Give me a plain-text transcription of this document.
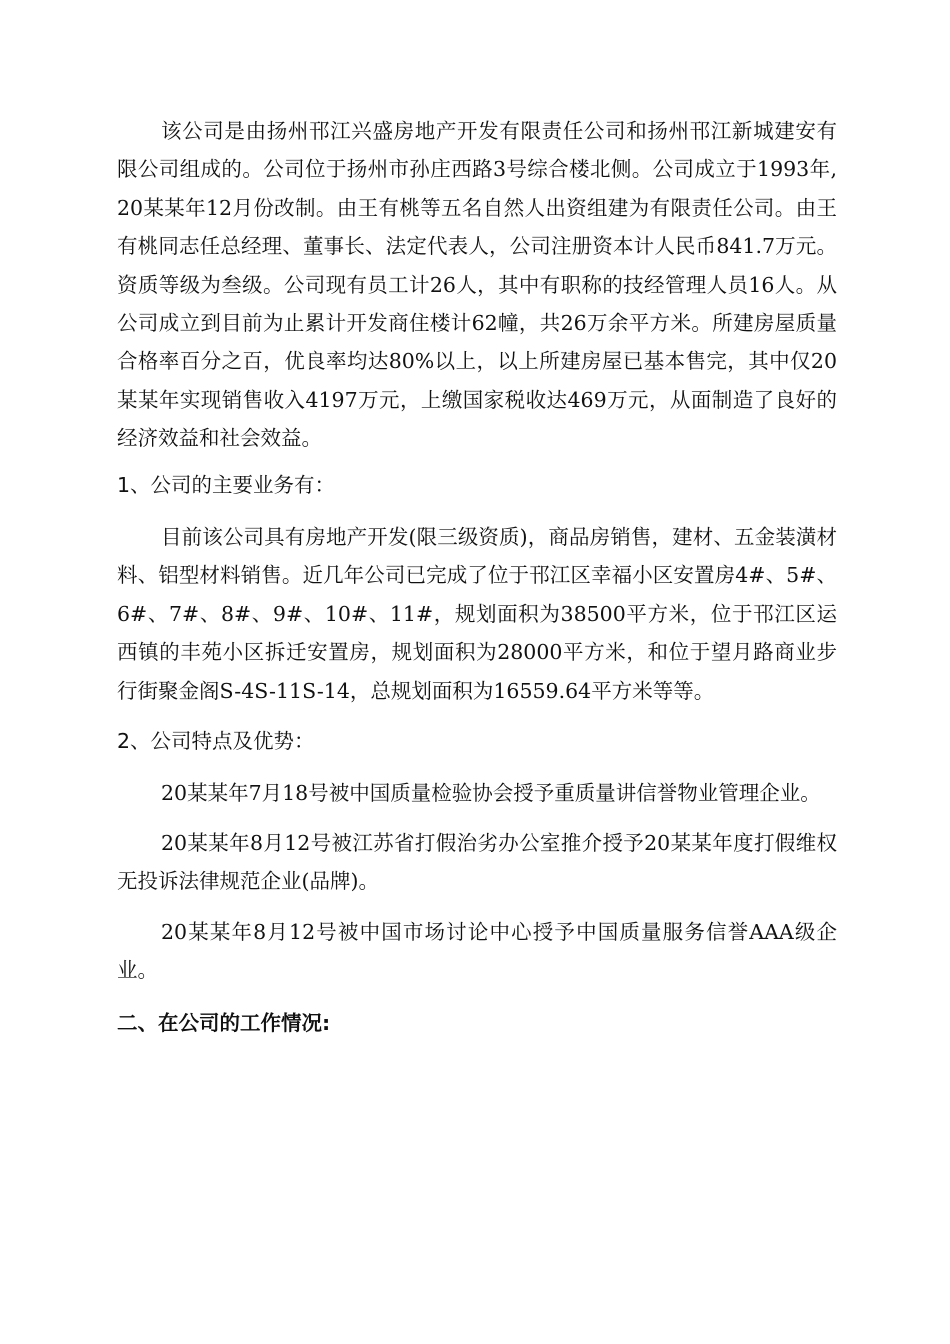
该公司是由扬州邗江兴盛房地产开发有限责任公司和扬州邗江新城建安有限公司组成的。公司位于扬州市孙庄西路3号综合楼北侧。公司成立于1993年,20某某年12月份改制。由王有桃等五名自然人出资组建为有限责任公司。由王有桃同志任总经理、董事长、法定代表人，公司注册资本计人民币841.7万元。资质等级为叁级。公司现有员工计26人，其中有职称的技经管理人员16人。从公司成立到目前为止累计开发商住楼计62幢，共26万余平方米。所建房屋质量合格率百分之百，优良率均达80%以上，以上所建房屋已基本售完，其中仅20某某年实现销售收入4197万元，上缴国家税收达469万元，从面制造了良好的经济效益和社会效益。

1、公司的主要业务有：

目前该公司具有房地产开发(限三级资质)，商品房销售，建材、五金装潢材料、铝型材料销售。近几年公司已完成了位于邗江区幸福小区安置房4#、5#、6#、7#、8#、9#、10#、11#，规划面积为38500平方米，位于邗江区运西镇的丰苑小区拆迁安置房，规划面积为28000平方米，和位于望月路商业步行街聚金阁S-4S-11S-14，总规划面积为16559.64平方米等等。

2、公司特点及优势：

20某某年7月18号被中国质量检验协会授予重质量讲信誉物业管理企业。

20某某年8月12号被江苏省打假治劣办公室推介授予20某某年度打假维权无投诉法律规范企业(品牌)。

20某某年8月12号被中国市场讨论中心授予中国质量服务信誉AAA级企业。

二、在公司的工作情况:
